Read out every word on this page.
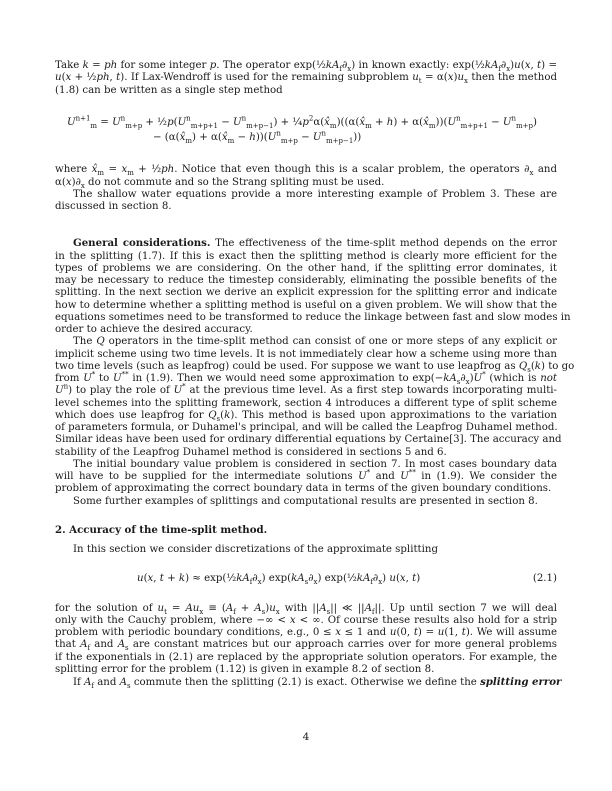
Take k = ph for some integer p. The operator $\exp(\frac{1}{2}kA_f\partial_x)$ in known exactly: $\exp(\frac{1}{2}kA_f\partial_x)u(x$, t) =
u(x + ½ph, t). If Lax-Wendroff is used for the remaining subproblem $u_t = \alpha(x)u_x$ then the method
(1.8) can be written as a single step method
$U^{n+1}_m = U^n_{m+p}$ + $\frac{1}{2}p(U^n_{m+p+1} - U^n_{m+p-1})$ + $\frac{1}{4}p^2\alpha(x̂_m)((\alpha(x̂_m + h)$ + $\alpha(x̂_m))(U^n_{m+p+1} - U^n_{m+p})$
− ($\alpha(x̂_m)$ + $\alpha(x̂_m - h))(U^n_{m+p} - U^n_{m+p-1})$)
where $x̂_m = x_m$ + ½ph. Notice that even though this is a scalar problem, the operators $\partial_x$ and
$\alpha(x)\partial_x$ do not commute and so the Strang spliting must be used.
The shallow water equations provide a more interesting example of Problem 3. These are
discussed in section 8.
General considerations. The effectiveness of the time-split method depends on the error
in the splitting (1.7). If this is exact then the splitting method is clearly more efficient for the
types of problems we are considering. On the other hand, if the splitting error dominates, it
may be necessary to reduce the timestep considerably, eliminating the possible benefits of the
splitting. In the next section we derive an explicit expression for the splitting error and indicate
how to determine whether a splitting method is useful on a given problem. We will show that the
equations sometimes need to be transformed to reduce the linkage between fast and slow modes in
order to achieve the desired accuracy.
The Q operators in the time-split method can consist of one or more steps of any explicit or
implicit scheme using two time levels. It is not immediately clear how a scheme using more than
two time levels (such as leapfrog) could be used. For suppose we want to use leapfrog as $Q_s(k)$ to go
from U* to U** in (1.9). Then we would need some approximation to $\exp(-kA_s\partial_x)U^*$ (which is not
$U^n$) to play the role of U* at the previous time level. As a first step towards incorporating multi-
level schemes into the splitting framework, section 4 introduces a different type of split scheme
which does use leapfrog for $Q_s(k)$. This method is based upon approximations to the variation
of parameters formula, or Duhamel's principal, and will be called the Leapfrog Duhamel method.
Similar ideas have been used for ordinary differential equations by Certaine[3]. The accuracy and
stability of the Leapfrog Duhamel method is considered in sections 5 and 6.
The initial boundary value problem is considered in section 7. In most cases boundary data
will have to be supplied for the intermediate solutions U* and U** in (1.9). We consider the
problem of approximating the correct boundary data in terms of the given boundary conditions.
Some further examples of splittings and computational results are presented in section 8.
2. Accuracy of the time-split method.
In this section we consider discretizations of the approximate splitting
u(x, $t + k) \approx \exp(\frac{1}{2}kA_f\partial_x)$ $\exp(kA_s\partial_x)$ $\exp(\frac{1}{2}kA_f\partial_x)$ u(x, t)	(2.1)
for the solution of $u_t = Au_x \equiv (A_f + A_s)u_x$ with $||A_s||$ ≪ $||A_f||$. Up until section 7 we will deal
only with the Cauchy problem, where −∞ < x < ∞. Of course these results also hold for a strip
problem with periodic boundary conditions, e.g., 0 ≤ x ≤ 1 and u(0, t) = u(1, t). We will assume
that $A_f$ and $A_s$ are constant matrices but our approach carries over for more general problems
if the exponentials in (2.1) are replaced by the appropriate solution operators. For example, the
splitting error for the problem (1.12) is given in example 8.2 of section 8.
If $A_f$ and $A_s$ commute then the splitting (2.1) is exact. Otherwise we define the splitting error
4
